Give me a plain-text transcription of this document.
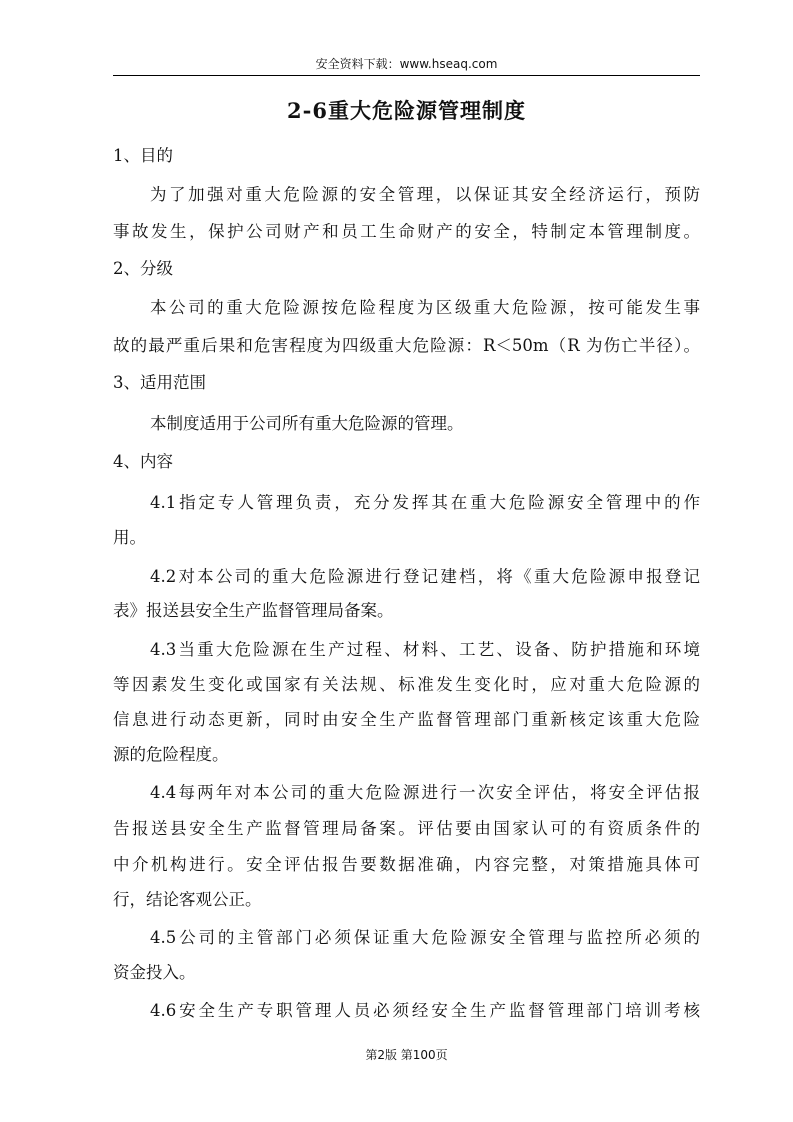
安全资料下载：www.hseaq.com
2-6重大危险源管理制度
1、目的
为了加强对重大危险源的安全管理，以保证其安全经济运行，预防
事故发生，保护公司财产和员工生命财产的安全，特制定本管理制度。
2、分级
本公司的重大危险源按危险程度为区级重大危险源，按可能发生事
故的最严重后果和危害程度为四级重大危险源：R＜50m（R 为伤亡半径）。
3、适用范围
本制度适用于公司所有重大危险源的管理。
4、内容
4.1指定专人管理负责，充分发挥其在重大危险源安全管理中的作
用。
4.2对本公司的重大危险源进行登记建档，将《重大危险源申报登记
表》报送县安全生产监督管理局备案。
4.3当重大危险源在生产过程、材料、工艺、设备、防护措施和环境
等因素发生变化或国家有关法规、标准发生变化时，应对重大危险源的
信息进行动态更新，同时由安全生产监督管理部门重新核定该重大危险
源的危险程度。
4.4每两年对本公司的重大危险源进行一次安全评估，将安全评估报
告报送县安全生产监督管理局备案。评估要由国家认可的有资质条件的
中介机构进行。安全评估报告要数据准确，内容完整，对策措施具体可
行，结论客观公正。
4.5公司的主管部门必须保证重大危险源安全管理与监控所必须的
资金投入。
4.6安全生产专职管理人员必须经安全生产监督管理部门培训考核
第2版 第100页
